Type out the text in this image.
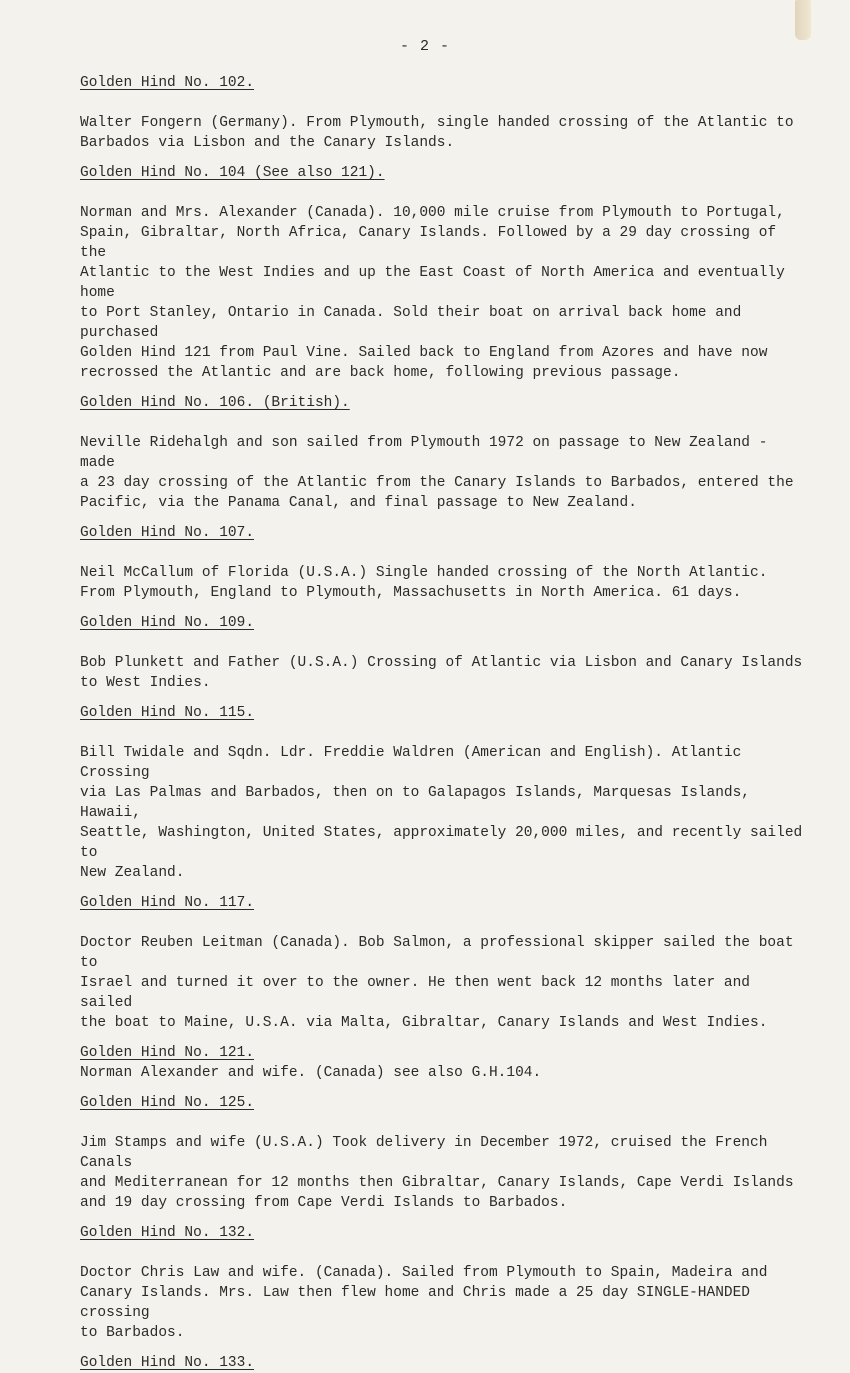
- 2 -

Golden Hind No. 102.

Walter Fongern (Germany). From Plymouth, single handed crossing of the Atlantic to
Barbados via Lisbon and the Canary Islands.

Golden Hind No. 104 (See also 121).

Norman and Mrs. Alexander (Canada). 10,000 mile cruise from Plymouth to Portugal,
Spain, Gibraltar, North Africa, Canary Islands. Followed by a 29 day crossing of the
Atlantic to the West Indies and up the East Coast of North America and eventually home
to Port Stanley, Ontario in Canada. Sold their boat on arrival back home and purchased
Golden Hind 121 from Paul Vine. Sailed back to England from Azores and have now
recrossed the Atlantic and are back home, following previous passage.

Golden Hind No. 106. (British).

Neville Ridehalgh and son sailed from Plymouth 1972 on passage to New Zealand - made
a 23 day crossing of the Atlantic from the Canary Islands to Barbados, entered the
Pacific, via the Panama Canal, and final passage to New Zealand.

Golden Hind No. 107.

Neil McCallum of Florida (U.S.A.) Single handed crossing of the North Atlantic.
From Plymouth, England to Plymouth, Massachusetts in North America. 61 days.

Golden Hind No. 109.

Bob Plunkett and Father (U.S.A.) Crossing of Atlantic via Lisbon and Canary Islands
to West Indies.

Golden Hind No. 115.

Bill Twidale and Sqdn. Ldr. Freddie Waldren (American and English). Atlantic Crossing
via Las Palmas and Barbados, then on to Galapagos Islands, Marquesas Islands, Hawaii,
Seattle, Washington, United States, approximately 20,000 miles, and recently sailed to
New Zealand.

Golden Hind No. 117.

Doctor Reuben Leitman (Canada). Bob Salmon, a professional skipper sailed the boat to
Israel and turned it over to the owner. He then went back 12 months later and sailed
the boat to Maine, U.S.A. via Malta, Gibraltar, Canary Islands and West Indies.

Golden Hind No. 121.

Norman Alexander and wife. (Canada) see also G.H.104.

Golden Hind No. 125.

Jim Stamps and wife (U.S.A.) Took delivery in December 1972, cruised the French Canals
and Mediterranean for 12 months then Gibraltar, Canary Islands, Cape Verdi Islands
and 19 day crossing from Cape Verdi Islands to Barbados.

Golden Hind No. 132.

Doctor Chris Law and wife. (Canada). Sailed from Plymouth to Spain, Madeira and
Canary Islands. Mrs. Law then flew home and Chris made a 25 day SINGLE-HANDED crossing
to Barbados.

Golden Hind No. 133.
